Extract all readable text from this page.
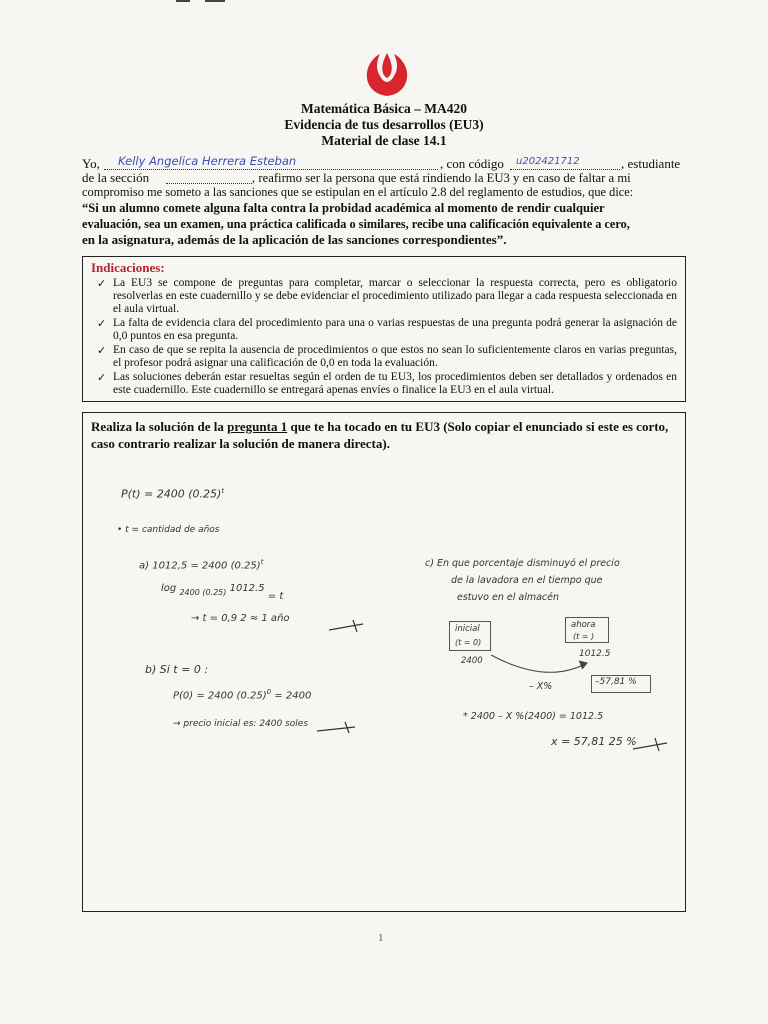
Matemática Básica – MA420
Evidencia de tus desarrollos (EU3)
Material de clase 14.1
Yo, Kelly Angelica Herrera Esteban	, con código u202421712	, estudiante
de la sección	, reafirmo ser la persona que está rindiendo la EU3 y en caso de faltar a mi
compromiso me someto a las sanciones que se estipulan en el artículo 2.8 del reglamento de estudios, que dice:
“Si un alumno comete alguna falta contra la probidad académica al momento de rendir cualquier
evaluación, sea un examen, una práctica calificada o similares, recibe una calificación equivalente a cero,
en la asignatura, además de la aplicación de las sanciones correspondientes”.
Indicaciones:
✓ La EU3 se compone de preguntas para completar, marcar o seleccionar la respuesta correcta, pero es obligatorio resolverlas en este cuadernillo y se debe evidenciar el procedimiento utilizado para llegar a cada respuesta seleccionada en el aula virtual.
✓ La falta de evidencia clara del procedimiento para una o varias respuestas de una pregunta podrá generar la asignación de 0,0 puntos en esa pregunta.
✓ En caso de que se repita la ausencia de procedimientos o que estos no sean lo suficientemente claros en varias preguntas, el profesor podrá asignar una calificación de 0,0 en toda la evaluación.
✓ Las soluciones deberán estar resueltas según el orden de tu EU3, los procedimientos deben ser detallados y ordenados en este cuadernillo. Este cuadernillo se entregará apenas envíes o finalice la EU3 en el aula virtual.
Realiza la solución de la pregunta 1 que te ha tocado en tu EU3 (Solo copiar el enunciado si este es corto, caso contrario realizar la solución de manera directa).
P(t) = 2400 $(0.25)^t$
• t = cantidad de años
a) 1012,5 = 2400 $(0.25)^t$
log $_{2400 (0.25)}$ 1012.5 = t
→ t = 0,9 2 ≈ 1 año
b) Si t = 0 :
P(0) = 2400 $(0.25)^0 = 2400$
→ precio inicial es: 2400 soles
c) En que porcentaje disminuyó el precio
de la lavadora en el tiempo que
estuvo en el almacén
inicial
(t = 0)
2400
ahora
(t = )
1012.5
– X%	–57,81 %
* 2400 – X %(2400) = 1012.5
x = 57,81 25 %
1
